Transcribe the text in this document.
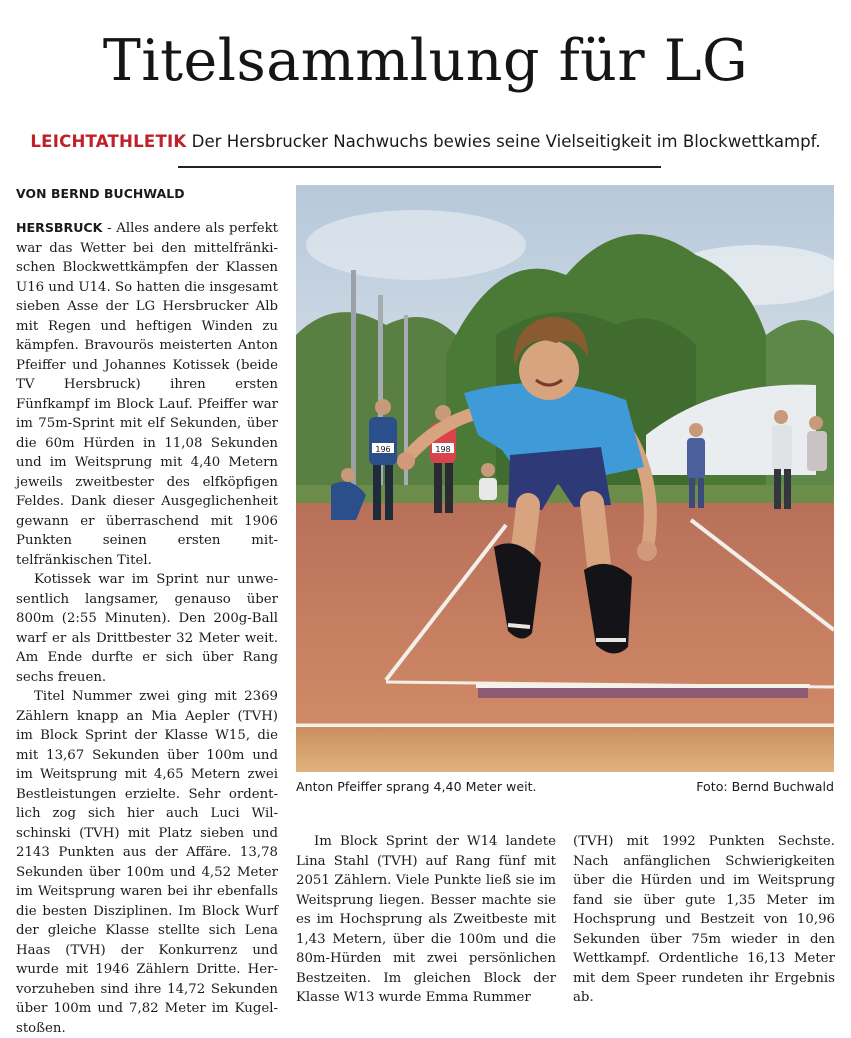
Titelsammlung für LG
LEICHTATHLETIK Der Hersbrucker Nachwuchs bewies seine Vielseitigkeit im Blockwettkampf.
VON BERND BUCHWALD

HERSBRUCK - Alles andere als perfekt war das Wetter bei den mittelfränkischen Blockwettkämpfen der Klassen U16 und U14. So hatten die insgesamt sieben Asse der LG Hersbrucker Alb mit Regen und heftigen Winden zu kämpfen. Bravourös meisterten Anton Pfeiffer und Johannes Kotissek (beide TV Hersbruck) ihren ersten Fünfkampf im Block Lauf. Pfeiffer war im 75m-Sprint mit elf Sekunden, über die 60m Hürden in 11,08 Sekunden und im Weitsprung mit 4,40 Metern jeweils zweitbester des elfköpfigen Feldes. Dank dieser Ausgeglichenheit gewann er überraschend mit 1906 Punkten seinen ersten mittelfränkischen Titel.

Kotissek war im Sprint nur unwesentlich langsamer, genauso über 800m (2:55 Minuten). Den 200g-Ball warf er als Drittbester 32 Meter weit. Am Ende durfte er sich über Rang sechs freuen.

Titel Nummer zwei ging mit 2369 Zählern knapp an Mia Aepler (TVH) im Block Sprint der Klasse W15, die mit 13,67 Sekunden über 100m und im Weitsprung mit 4,65 Metern zwei Bestleistungen erzielte. Sehr ordentlich zog sich hier auch Luci Wilschinski (TVH) mit Platz sieben und 2143 Punkten aus der Affäre. 13,78 Sekunden über 100m und 4,52 Meter im Weitsprung waren bei ihr ebenfalls die besten Disziplinen. Im Block Wurf der gleiche Klasse stellte sich Lena Haas (TVH) der Konkurrenz und wurde mit 1946 Zählern Dritte. Hervorzuheben sind ihre 14,72 Sekunden über 100m und 7,82 Meter im Kugelstoßen.

196	198
Anton Pfeiffer sprang 4,40 Meter weit.	Foto: Bernd Buchwald

Im Block Sprint der W14 landete Lina Stahl (TVH) auf Rang fünf mit 2051 Zählern. Viele Punkte ließ sie im Weitsprung liegen. Besser machte sie es im Hochsprung als Zweitbeste mit 1,43 Metern, über die 100m und die 80m-Hürden mit zwei persönlichen Bestzeiten. Im gleichen Block der Klasse W13 wurde Emma Rummer

(TVH) mit 1992 Punkten Sechste. Nach anfänglichen Schwierigkeiten über die Hürden und im Weitsprung fand sie über gute 1,35 Meter im Hochsprung und Bestzeit von 10,96 Sekunden über 75m wieder in den Wettkampf. Ordentliche 16,13 Meter mit dem Speer rundeten ihr Ergebnis ab.
